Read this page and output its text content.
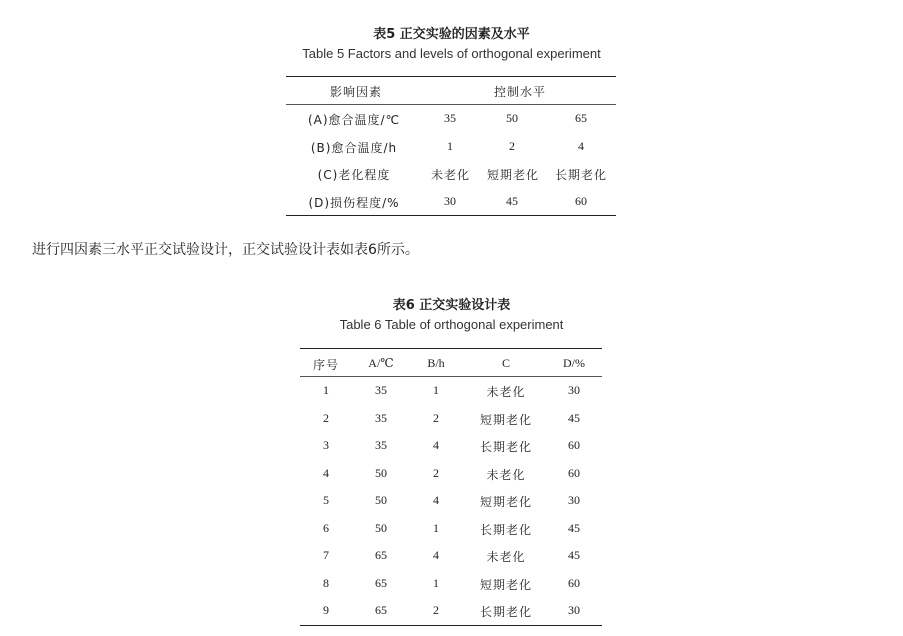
表5 正交实验的因素及水平
Table 5 Factors and levels of orthogonal experiment
影响因素	控制水平
(A)愈合温度/℃	35	50	65
(B)愈合温度/h	1	2	4
(C)老化程度	未老化	短期老化	长期老化
(D)损伤程度/%	30	45	60
进行四因素三水平正交试验设计，正交试验设计表如表6所示。
表6 正交实验设计表
Table 6 Table of orthogonal experiment
序号	A/℃	B/h	C	D/%
1	35	1	未老化	30
2	35	2	短期老化	45
3	35	4	长期老化	60
4	50	2	未老化	60
5	50	4	短期老化	30
6	50	1	长期老化	45
7	65	4	未老化	45
8	65	1	短期老化	60
9	65	2	长期老化	30
